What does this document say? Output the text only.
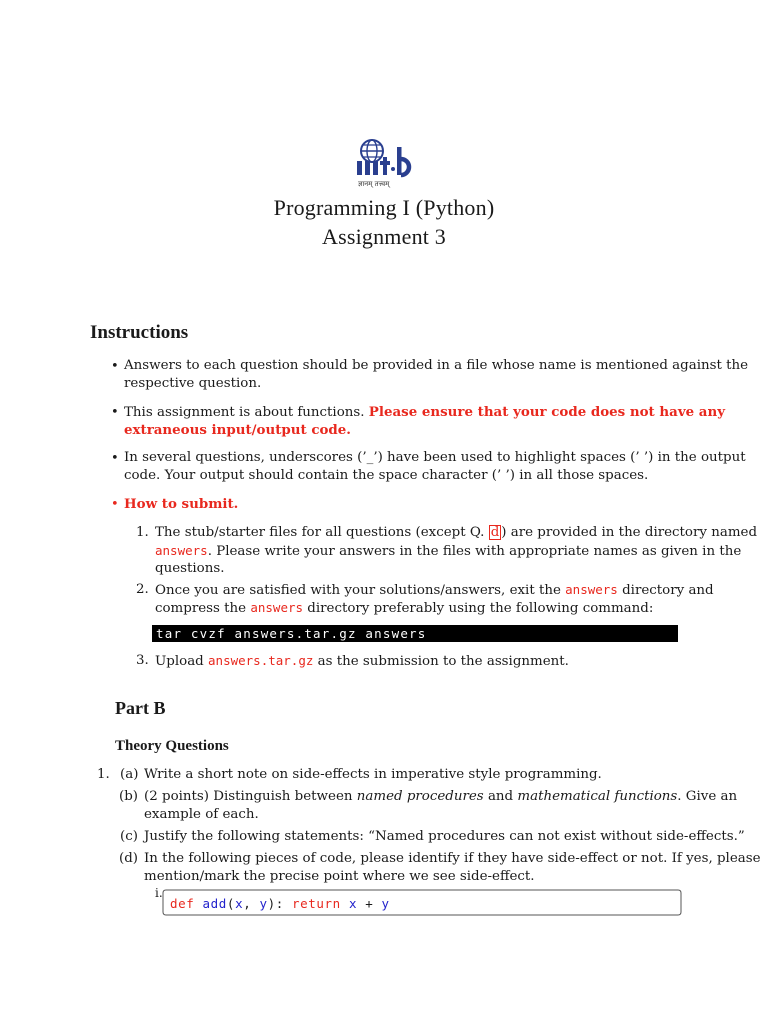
ज्ञानम् तत्त्वम्
Programming I (Python)
Assignment 3
Instructions
• Answers to each question should be provided in a file whose name is mentioned against the
respective question.
• This assignment is about functions. Please ensure that your code does not have any
extraneous input/output code.
• In several questions, underscores (’_’) have been used to highlight spaces (’ ’) in the output
code. Your output should contain the space character (’ ’) in all those spaces.
• How to submit.
1. The stub/starter files for all questions (except Q. d ) are provided in the directory named
answers. Please write your answers in the files with appropriate names as given in the
questions.
2. Once you are satisfied with your solutions/answers, exit the answers directory and
compress the answers directory preferably using the following command:
tar cvzf answers.tar.gz answers
3. Upload answers.tar.gz as the submission to the assignment.
Part B
Theory Questions
1. (a) Write a short note on side-effects in imperative style programming.
(b) (2 points) Distinguish between named procedures and mathematical functions. Give an
example of each.
(c) Justify the following statements: “Named procedures can not exist without side-effects.”
(d) In the following pieces of code, please identify if they have side-effect or not. If yes, please
mention/mark the precise point where we see side-effect.
i.
def add(x, y): return x + y
